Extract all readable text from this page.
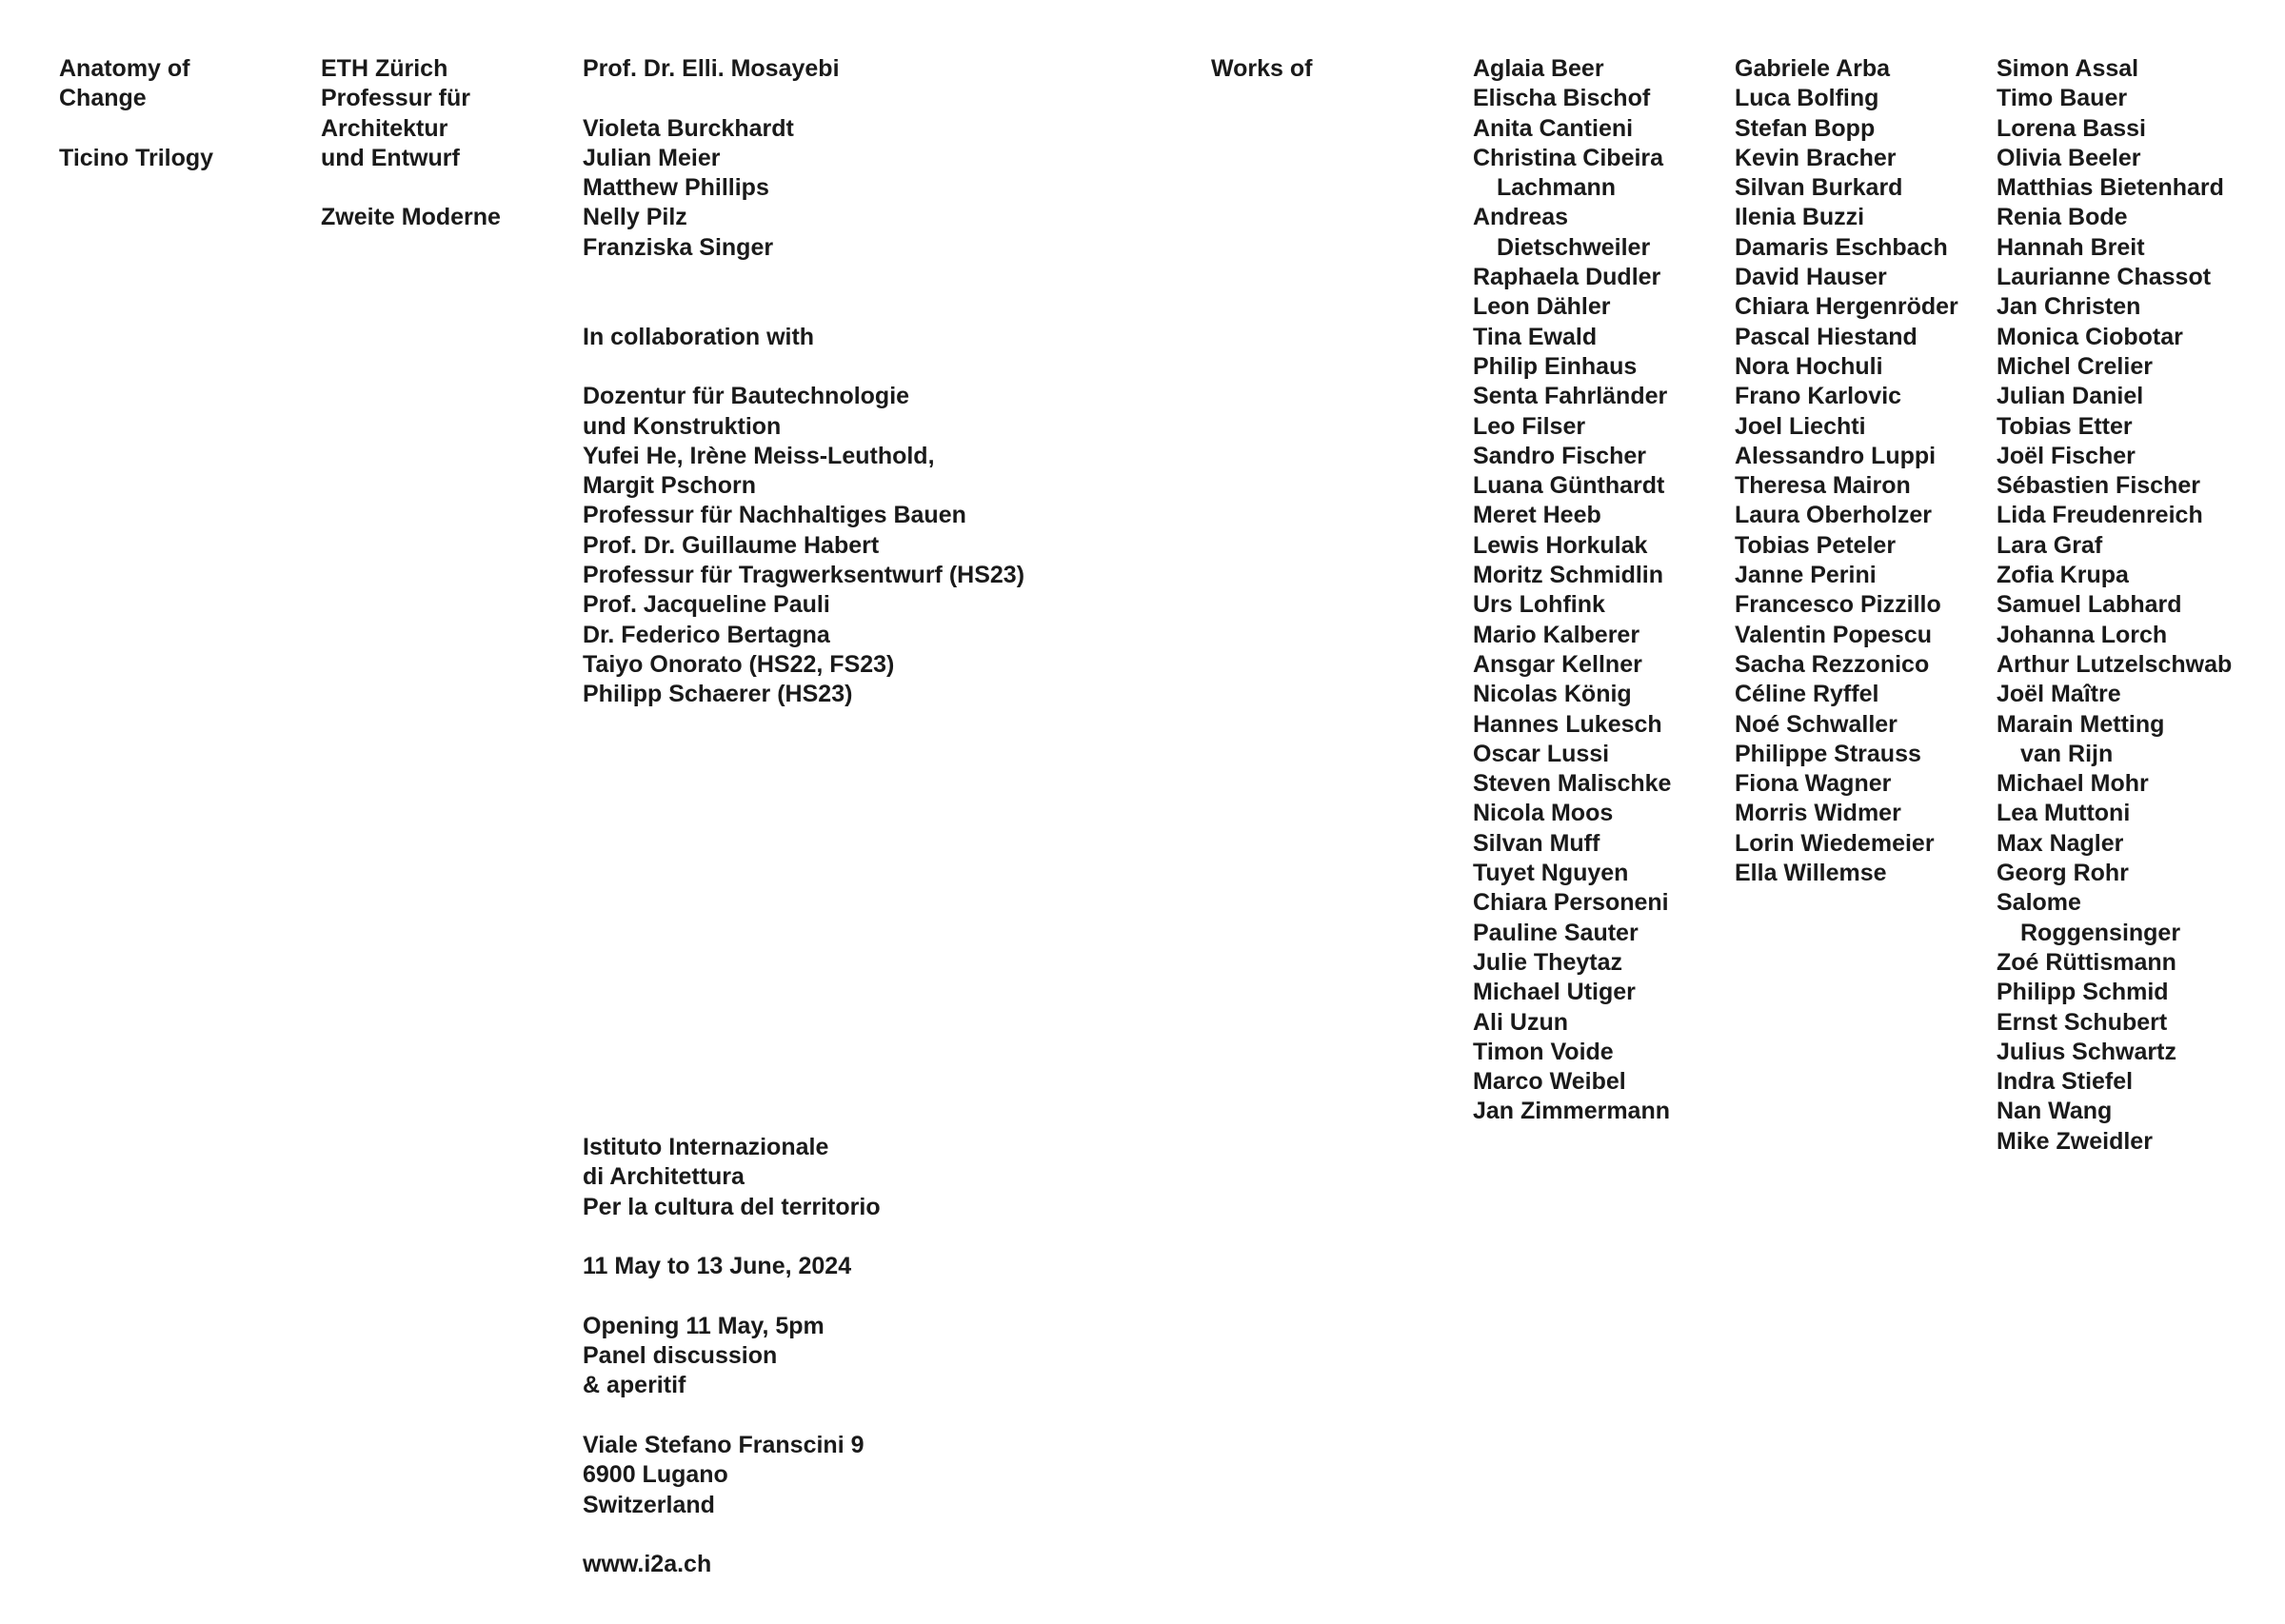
Anatomy of
Change
Ticino Trilogy
ETH Zürich
Professur für
Architektur
und Entwurf
Zweite Moderne
Prof. Dr. Elli. Mosayebi
Violeta Burckhardt
Julian Meier
Matthew Phillips
Nelly Pilz
Franziska Singer
In collaboration with
Dozentur für Bautechnologie
und Konstruktion
Yufei He, Irène Meiss-Leuthold,
Margit Pschorn
Professur für Nachhaltiges Bauen
Prof. Dr. Guillaume Habert
Professur für Tragwerksentwurf (HS23)
Prof. Jacqueline Pauli
Dr. Federico Bertagna
Taiyo Onorato (HS22, FS23)
Philipp Schaerer (HS23)
Istituto Internazionale
di Architettura
Per la cultura del territorio
11 May to 13 June, 2024
Opening 11 May, 5pm
Panel discussion
& aperitif
Viale Stefano Franscini 9
6900 Lugano
Switzerland
www.i2a.ch
Works of	Aglaia Beer
Elischa Bischof
Anita Cantieni
Christina Cibeira
Lachmann
Andreas
Dietschweiler
Raphaela Dudler
Leon Dähler
Tina Ewald
Philip Einhaus
Senta Fahrländer
Leo Filser
Sandro Fischer
Luana Günthardt
Meret Heeb
Lewis Horkulak
Moritz Schmidlin
Urs Lohfink
Mario Kalberer
Ansgar Kellner
Nicolas König
Hannes Lukesch
Oscar Lussi
Steven Malischke
Nicola Moos
Silvan Muff
Tuyet Nguyen
Chiara Personeni
Pauline Sauter
Julie Theytaz
Michael Utiger
Ali Uzun
Timon Voide
Marco Weibel
Jan Zimmermann
Gabriele Arba
Luca Bolfing
Stefan Bopp
Kevin Bracher
Silvan Burkard
Ilenia Buzzi
Damaris Eschbach
David Hauser
Chiara Hergenröder
Pascal Hiestand
Nora Hochuli
Frano Karlovic
Joel Liechti
Alessandro Luppi
Theresa Mairon
Laura Oberholzer
Tobias Peteler
Janne Perini
Francesco Pizzillo
Valentin Popescu
Sacha Rezzonico
Céline Ryffel
Noé Schwaller
Philippe Strauss
Fiona Wagner
Morris Widmer
Lorin Wiedemeier
Ella Willemse
Simon Assal
Timo Bauer
Lorena Bassi
Olivia Beeler
Matthias Bietenhard
Renia Bode
Hannah Breit
Laurianne Chassot
Jan Christen
Monica Ciobotar
Michel Crelier
Julian Daniel
Tobias Etter
Joël Fischer
Sébastien Fischer
Lida Freudenreich
Lara Graf
Zofia Krupa
Samuel Labhard
Johanna Lorch
Arthur Lutzelschwab
Joël Maître
Marain Metting
van Rijn
Michael Mohr
Lea Muttoni
Max Nagler
Georg Rohr
Salome
Roggensinger
Zoé Rüttismann
Philipp Schmid
Ernst Schubert
Julius Schwartz
Indra Stiefel
Nan Wang
Mike Zweidler
